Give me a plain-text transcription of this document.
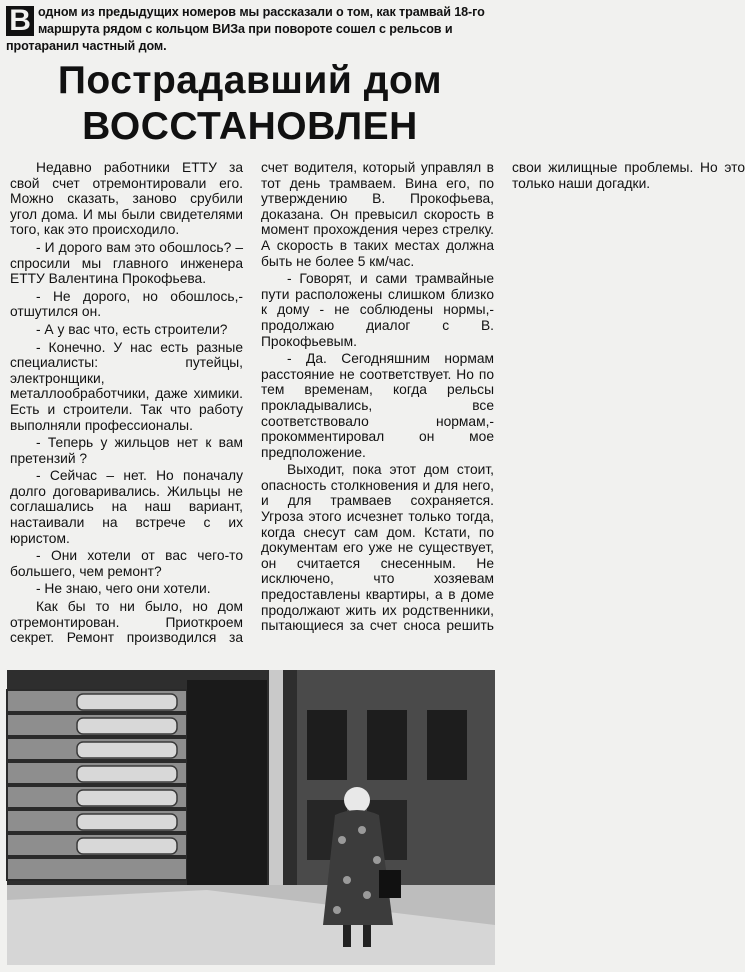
В одном из предыдущих номеров мы рассказали о том, как трамвай 18-го маршрута рядом с кольцом ВИЗа при повороте сошел с рельсов и протаранил частный дом.
Пострадавший дом
ВОССТАНОВЛЕН

Недавно работники ЕТТУ за свой счет отремонтировали его. Можно сказать, заново срубили угол дома. И мы были свидетелями того, как это происходило.

- И дорого вам это обошлось? – спросили мы главного инженера ЕТТУ Валентина Прокофьева.

- Не дорого, но обошлось,- отшутился он.

- А у вас что, есть строители?

- Конечно. У нас есть разные специалисты: путейцы, электронщики, металлообработчики, даже химики. Есть и строители. Так что работу выполняли профессионалы.

- Теперь у жильцов нет к вам претензий ?

- Сейчас – нет. Но поначалу долго договаривались. Жильцы не соглашались на наш вариант, настаивали на встрече с их юристом.

- Они хотели от вас чего-то большего, чем ремонт?

- Не знаю, чего они хотели.

Как бы то ни было, но дом отремонтирован. Приоткроем секрет. Ремонт производился за счет водителя, который управлял в тот день трамваем. Вина его, по утверждению В. Прокофьева, доказана. Он превысил скорость в момент прохождения через стрелку. А скорость в таких местах должна быть не более 5 км/час.

- Говорят, и сами трамвайные пути расположены слишком близко к дому - не соблюдены нормы,- продолжаю диалог с В. Прокофьевым.

- Да. Сегодняшним нормам расстояние не соответствует. Но по тем временам, когда рельсы прокладывались, все соответствовало нормам,- прокомментировал он мое предположение.

Выходит, пока этот дом стоит, опасность столкновения и для него, и для трамваев сохраняется. Угроза этого исчезнет только тогда, когда снесут сам дом. Кстати, по документам его уже не существует, он считается снесенным. Не исключено, что хозяевам предоставлены квартиры, а в доме продолжают жить их родственники, пытающиеся за счет сноса решить свои жилищные проблемы. Но это только наши догадки.
